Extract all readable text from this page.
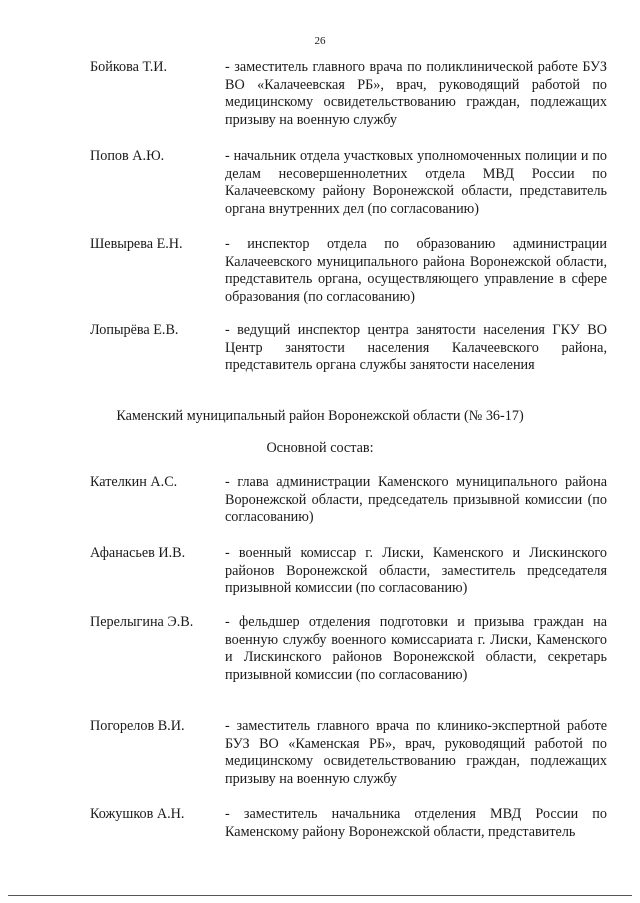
26
Бойкова Т.И.	- заместитель главного врача по поликлинической работе БУЗ ВО «Калачеевская РБ», врач, руководящий работой по медицинскому освидетельствованию граждан, подлежащих призыву на военную службу
Попов А.Ю.	- начальник отдела участковых уполномоченных полиции и по делам несовершеннолетних отдела МВД России по Калачеевскому району Воронежской области, представитель органа внутренних дел (по согласованию)
Шевырева Е.Н.	- инспектор отдела по образованию администрации Калачеевского муниципального района Воронежской области, представитель органа, осуществляющего управление в сфере образования (по согласованию)
Лопырёва Е.В.	- ведущий инспектор центра занятости населения ГКУ ВО Центр занятости населения Калачеевского района, представитель органа службы занятости населения
Каменский муниципальный район Воронежской области (№ 36-17)
Основной состав:
Кателкин А.С.	- глава администрации Каменского муниципального района Воронежской области, председатель призывной комиссии (по согласованию)
Афанасьев И.В.	- военный комиссар г. Лиски, Каменского и Лискинского районов Воронежской области, заместитель председателя призывной комиссии (по согласованию)
Перелыгина Э.В. - фельдшер отделения подготовки и призыва граждан на военную службу военного комиссариата г. Лиски, Каменского и Лискинского районов Воронежской области, секретарь призывной комиссии (по согласованию)
Погорелов В.И.	- заместитель главного врача по клинико-экспертной работе БУЗ ВО «Каменская РБ», врач, руководящий работой по медицинскому освидетельствованию граждан, подлежащих призыву на военную службу
Кожушков А.Н.	- заместитель начальника отделения МВД России по Каменскому району Воронежской области, представитель
